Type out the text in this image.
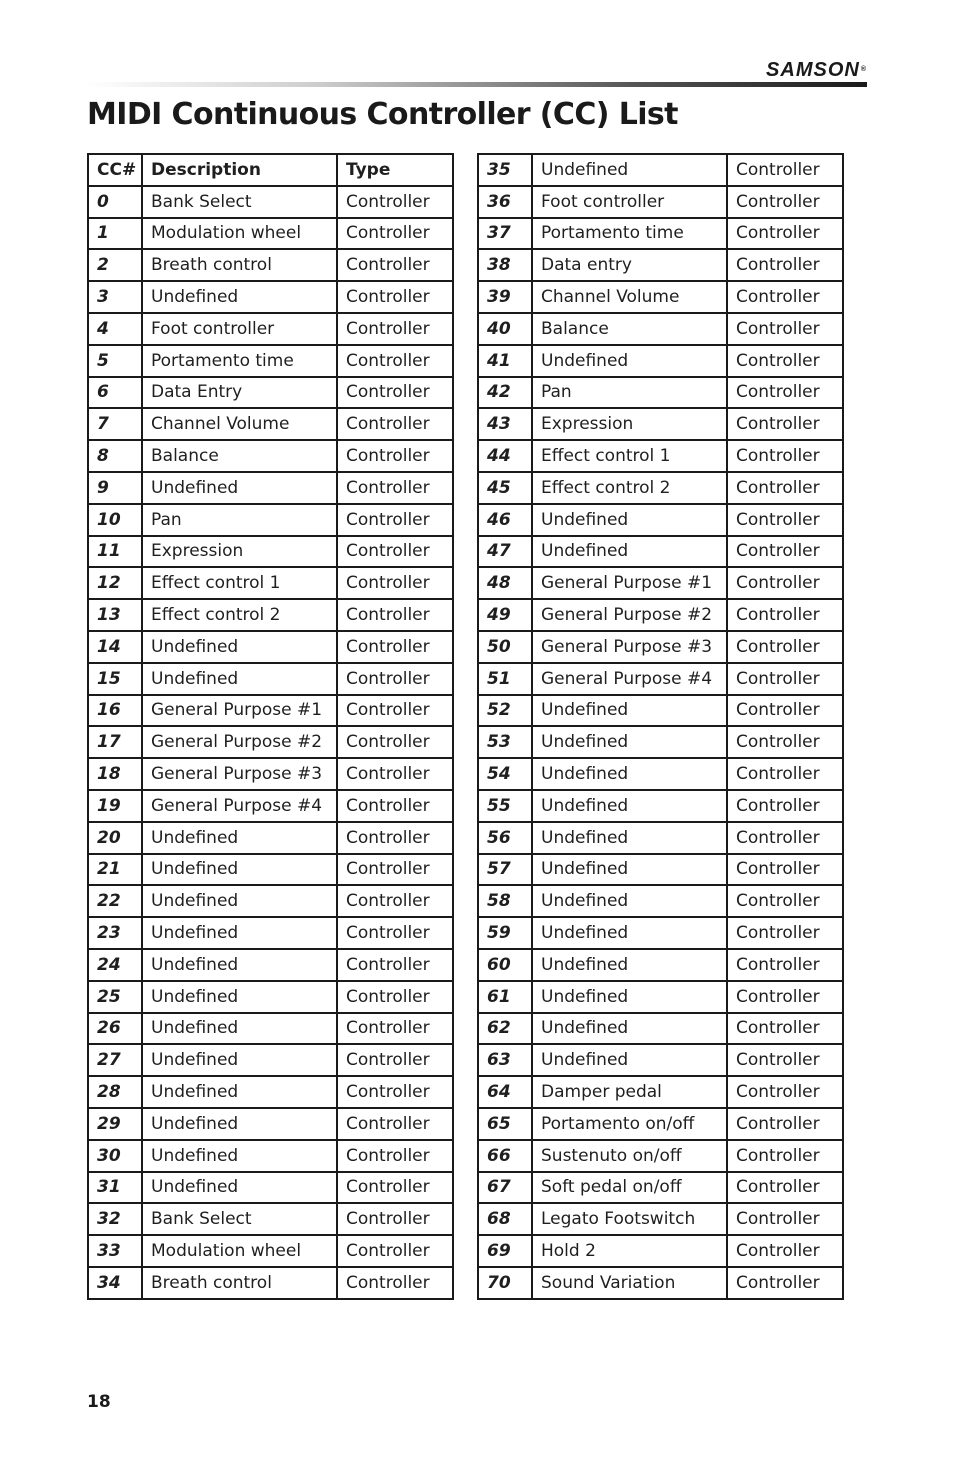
SAMSON®
MIDI Continuous Controller (CC) List
CC#	Description	Type
0	Bank Select	Controller
1	Modulation wheel	Controller
2	Breath control	Controller
3	Undefined	Controller
4	Foot controller	Controller
5	Portamento time	Controller
6	Data Entry	Controller
7	Channel Volume	Controller
8	Balance	Controller
9	Undefined	Controller
10	Pan	Controller
11	Expression	Controller
12	Effect control 1	Controller
13	Effect control 2	Controller
14	Undefined	Controller
15	Undefined	Controller
16	General Purpose #1	Controller
17	General Purpose #2	Controller
18	General Purpose #3	Controller
19	General Purpose #4	Controller
20	Undefined	Controller
21	Undefined	Controller
22	Undefined	Controller
23	Undefined	Controller
24	Undefined	Controller
25	Undefined	Controller
26	Undefined	Controller
27	Undefined	Controller
28	Undefined	Controller
29	Undefined	Controller
30	Undefined	Controller
31	Undefined	Controller
32	Bank Select	Controller
33	Modulation wheel	Controller
34	Breath control	Controller
35	Undefined	Controller
36	Foot controller	Controller
37	Portamento time	Controller
38	Data entry	Controller
39	Channel Volume	Controller
40	Balance	Controller
41	Undefined	Controller
42	Pan	Controller
43	Expression	Controller
44	Effect control 1	Controller
45	Effect control 2	Controller
46	Undefined	Controller
47	Undefined	Controller
48	General Purpose #1	Controller
49	General Purpose #2	Controller
50	General Purpose #3	Controller
51	General Purpose #4	Controller
52	Undefined	Controller
53	Undefined	Controller
54	Undefined	Controller
55	Undefined	Controller
56	Undefined	Controller
57	Undefined	Controller
58	Undefined	Controller
59	Undefined	Controller
60	Undefined	Controller
61	Undefined	Controller
62	Undefined	Controller
63	Undefined	Controller
64	Damper pedal	Controller
65	Portamento on/off	Controller
66	Sustenuto on/off	Controller
67	Soft pedal on/off	Controller
68	Legato Footswitch	Controller
69	Hold 2	Controller
70	Sound Variation	Controller
18
